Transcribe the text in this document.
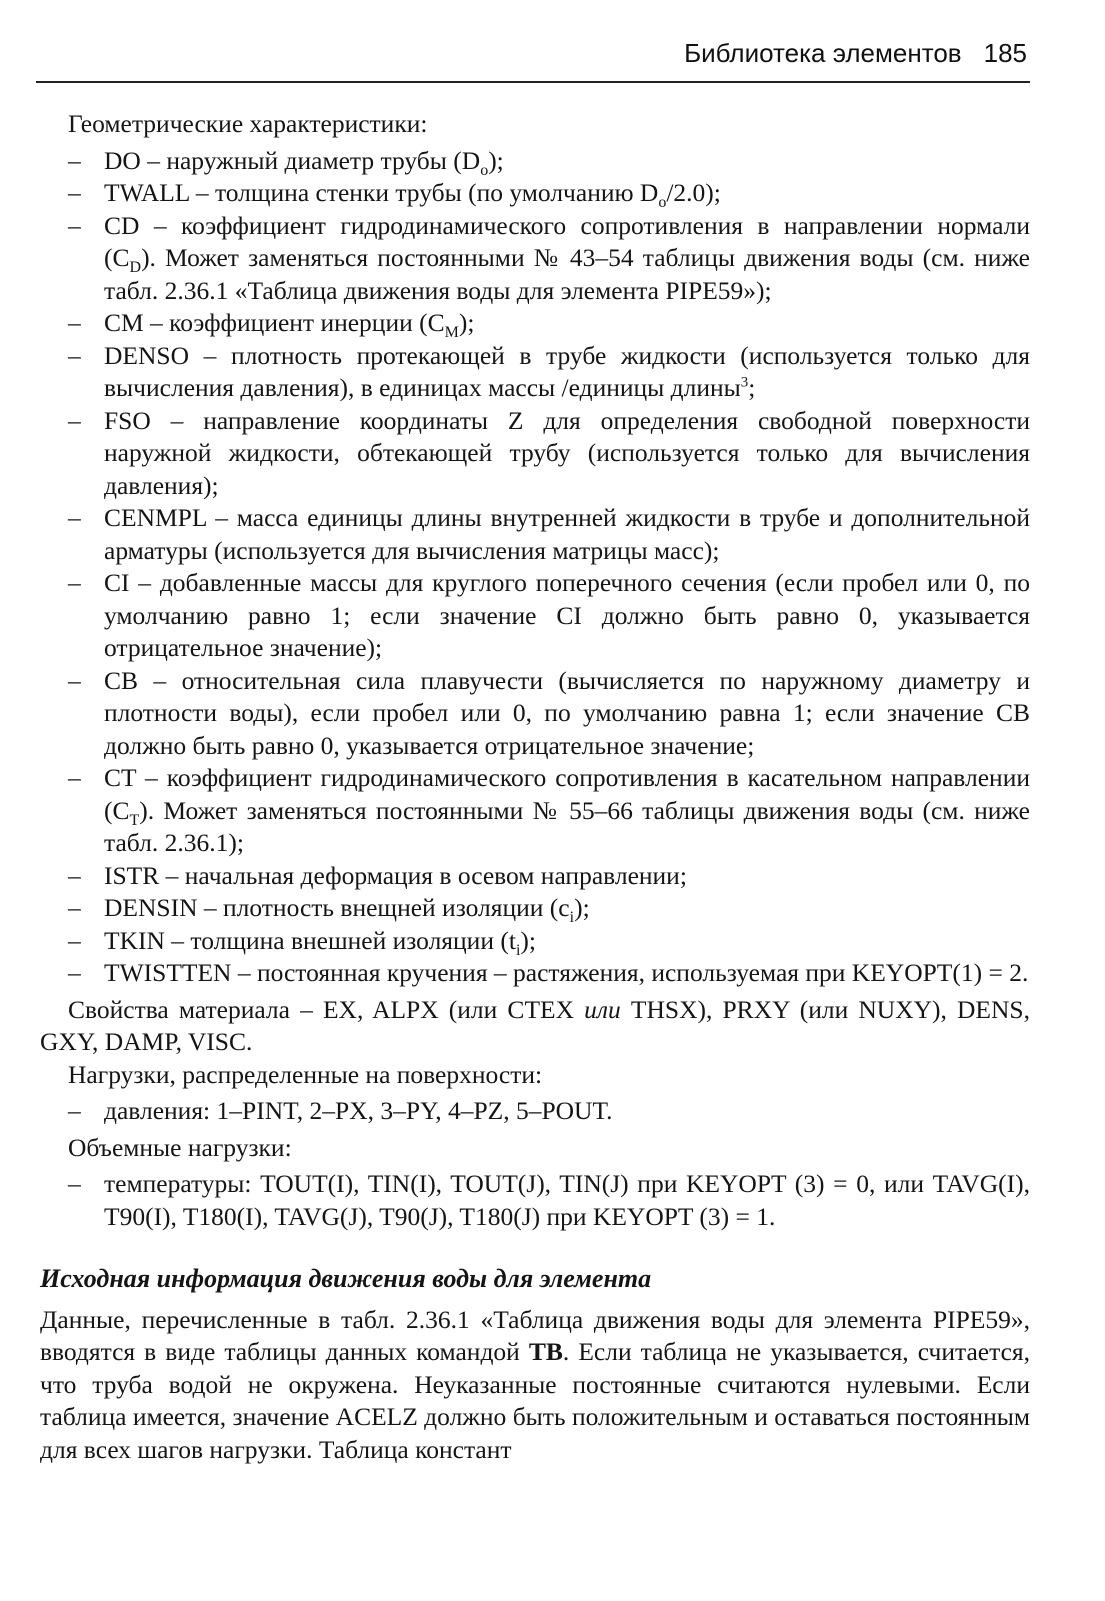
Библиотека элементов 185

Геометрические характеристики:

– DO – наружный диаметр трубы $(D_o)$;
– TWALL – толщина стенки трубы (по умолчанию $D_o/2.0$);
– CD – коэффициент гидродинамического сопротивления в направлении нормали $(C_D)$. Может заменяться постоянными № 43–54 таблицы движения воды (см. ниже табл. 2.36.1 «Таблица движения воды для элемента PIPE59»);
– CM – коэффициент инерции $(C_M)$;
– DENSO – плотность протекающей в трубе жидкости (используется только для вычисления давления), в единицах массы /единицы длины$^3$;
– FSO – направление координаты Z для определения свободной поверхности наружной жидкости, обтекающей трубу (используется только для вычисления давления);
– CENMPL – масса единицы длины внутренней жидкости в трубе и дополнительной арматуры (используется для вычисления матрицы масс);
– CI – добавленные массы для круглого поперечного сечения (если пробел или 0, по умолчанию равно 1; если значение CI должно быть равно 0, указывается отрицательное значение);
– CB – относительная сила плавучести (вычисляется по наружному диаметру и плотности воды), если пробел или 0, по умолчанию равна 1; если значение CB должно быть равно 0, указывается отрицательное значение;
– CT – коэффициент гидродинамического сопротивления в касательном направлении $(C_T)$. Может заменяться постоянными № 55–66 таблицы движения воды (см. ниже табл. 2.36.1);
– ISTR – начальная деформация в осевом направлении;
– DENSIN – плотность внещней изоляции $(c_i)$;
– TKIN – толщина внешней изоляции $(t_i)$;
– TWISTTEN – постоянная кручения – растяжения, используемая при KEYOPT(1) = 2.

Свойства материала – EX, ALPX (или CTEX или THSX), PRXY (или NUXY), DENS, GXY, DAMP, VISC.

Нагрузки, распределенные на поверхности:

– давления: 1–PINT, 2–PX, 3–PY, 4–PZ, 5–POUT.

Объемные нагрузки:

– температуры: TOUT(I), TIN(I), TOUT(J), TIN(J) при KEYOPT (3) = 0, или TAVG(I), T90(I), T180(I), TAVG(J), T90(J), T180(J) при KEYOPT (3) = 1.

Исходная информация движения воды для элемента

Данные, перечисленные в табл. 2.36.1 «Таблица движения воды для элемента PIPE59», вводятся в виде таблицы данных командой TB. Если таблица не указывается, считается, что труба водой не окружена. Неуказанные постоянные считаются нулевыми. Если таблица имеется, значение ACELZ должно быть положительным и оставаться постоянным для всех шагов нагрузки. Таблица констант
